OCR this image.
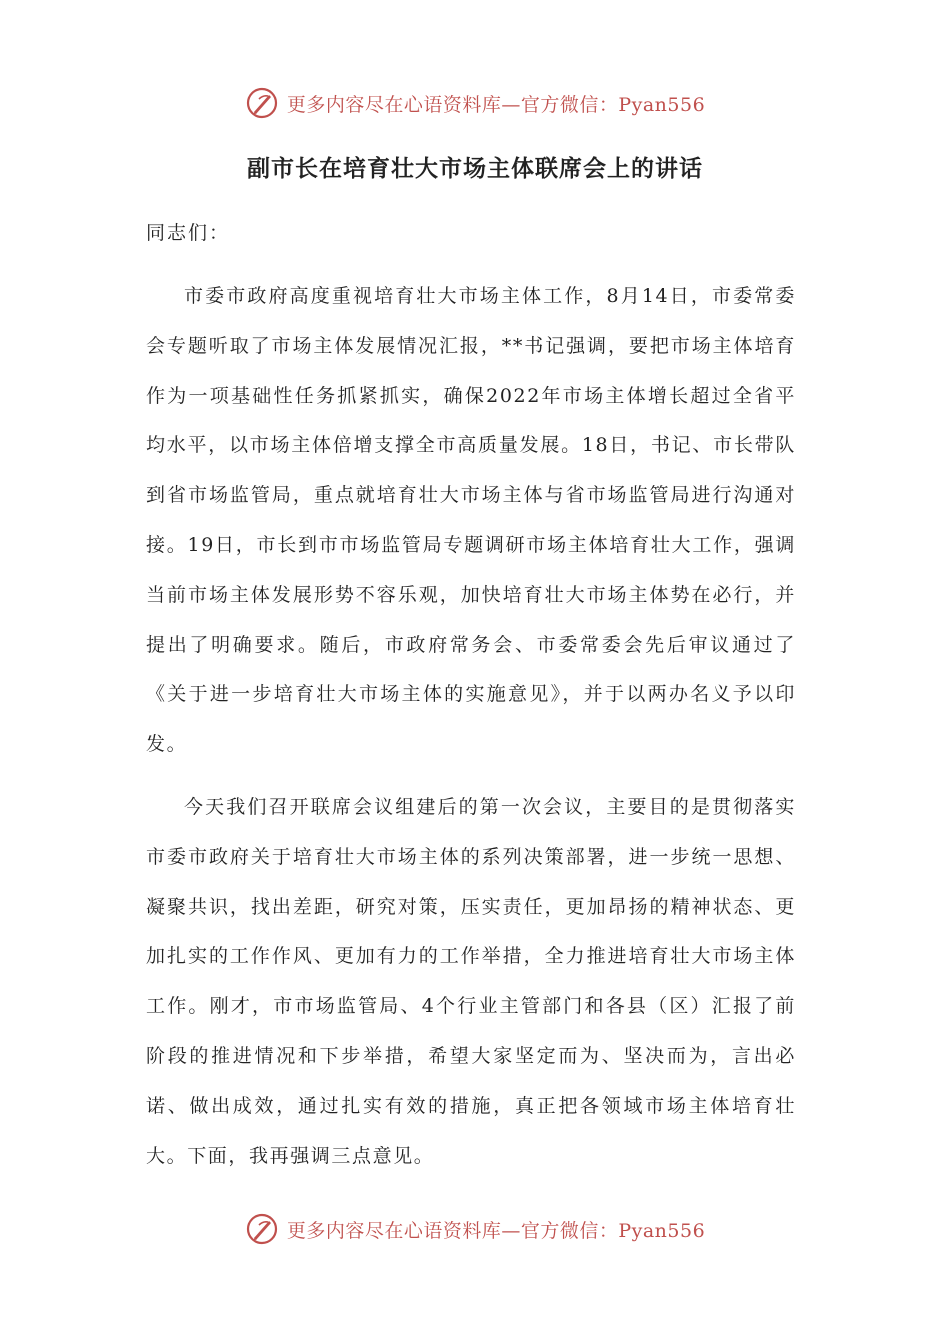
更多内容尽在心语资料库—官方微信：Pyan556
副市长在培育壮大市场主体联席会上的讲话
同志们：

市委市政府高度重视培育壮大市场主体工作，8月14日，市委常委会专题听取了市场主体发展情况汇报，**书记强调，要把市场主体培育作为一项基础性任务抓紧抓实，确保2022年市场主体增长超过全省平均水平，以市场主体倍增支撑全市高质量发展。18日，书记、市长带队到省市场监管局，重点就培育壮大市场主体与省市场监管局进行沟通对接。19日，市长到市市场监管局专题调研市场主体培育壮大工作，强调当前市场主体发展形势不容乐观，加快培育壮大市场主体势在必行，并提出了明确要求。随后，市政府常务会、市委常委会先后审议通过了《关于进一步培育壮大市场主体的实施意见》，并于以两办名义予以印发。

今天我们召开联席会议组建后的第一次会议，主要目的是贯彻落实市委市政府关于培育壮大市场主体的系列决策部署，进一步统一思想、凝聚共识，找出差距，研究对策，压实责任，更加昂扬的精神状态、更加扎实的工作作风、更加有力的工作举措，全力推进培育壮大市场主体工作。刚才，市市场监管局、4个行业主管部门和各县（区）汇报了前阶段的推进情况和下步举措，希望大家坚定而为、坚决而为，言出必诺、做出成效，通过扎实有效的措施，真正把各领域市场主体培育壮大。下面，我再强调三点意见。

更多内容尽在心语资料库—官方微信：Pyan556
